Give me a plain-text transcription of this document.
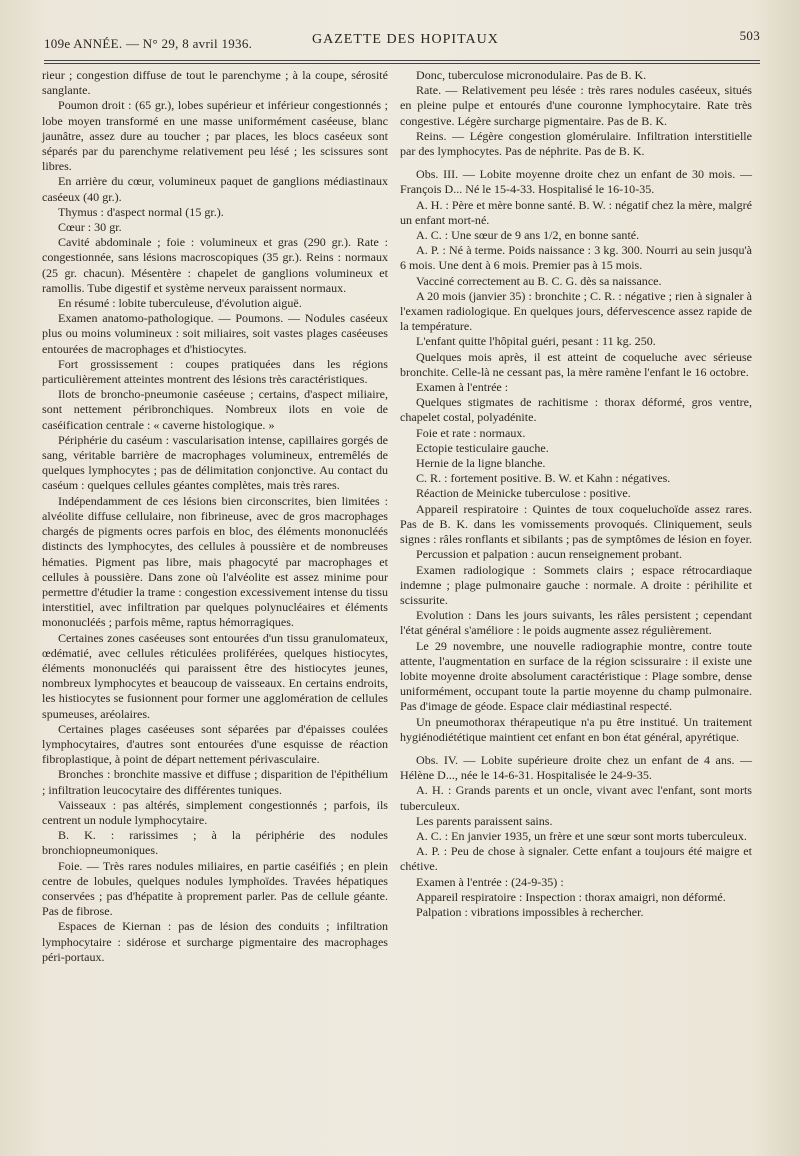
109e ANNÉE. — N° 29, 8 avril 1936.	GAZETTE DES HOPITAUX	503

rieur ; congestion diffuse de tout le parenchyme ; à la coupe, sérosité sanglante.

Poumon droit : (65 gr.), lobes supérieur et inférieur congestionnés ; lobe moyen transformé en une masse uniformément caséeuse, blanc jaunâtre, assez dure au toucher ; par places, les blocs caséeux sont séparés par du parenchyme relativement peu lésé ; les scissures sont libres.

En arrière du cœur, volumineux paquet de ganglions médiastinaux caséeux (40 gr.).

Thymus : d'aspect normal (15 gr.).

Cœur : 30 gr.

Cavité abdominale ; foie : volumineux et gras (290 gr.). Rate : congestionnée, sans lésions macroscopiques (35 gr.). Reins : normaux (25 gr. chacun). Mésentère : chapelet de ganglions volumineux et ramollis. Tube digestif et système nerveux paraissent normaux.

En résumé : lobite tuberculeuse, d'évolution aiguë.

Examen anatomo-pathologique. — Poumons. — Nodules caséeux plus ou moins volumineux : soit miliaires, soit vastes plages caséeuses entourées de macrophages et d'histiocytes.

Fort grossissement : coupes pratiquées dans les régions particulièrement atteintes montrent des lésions très caractéristiques.

Ilots de broncho-pneumonie caséeuse ; certains, d'aspect miliaire, sont nettement péribronchiques. Nombreux ilots en voie de caséification centrale : « caverne histologique. »

Périphérie du caséum : vascularisation intense, capillaires gorgés de sang, véritable barrière de macrophages volumineux, entremêlés de quelques lymphocytes ; pas de délimitation conjonctive. Au contact du caséum : quelques cellules géantes complètes, mais très rares.

Indépendamment de ces lésions bien circonscrites, bien limitées : alvéolite diffuse cellulaire, non fibrineuse, avec de gros macrophages chargés de pigments ocres parfois en bloc, des éléments mononucléés distincts des lymphocytes, des cellules à poussière et de nombreuses hématies. Pigment pas libre, mais phagocyté par macrophages et cellules à poussière. Dans zone où l'alvéolite est assez minime pour permettre d'étudier la trame : congestion excessivement intense du tissu interstitiel, avec infiltration par quelques polynucléaires et éléments mononucléés ; parfois même, raptus hémorragiques.

Certaines zones caséeuses sont entourées d'un tissu granulomateux, œdématié, avec cellules réticulées proliférées, quelques histiocytes, éléments mononucléés qui paraissent être des histiocytes jeunes, nombreux lymphocytes et beaucoup de vaisseaux. En certains endroits, les histiocytes se fusionnent pour former une agglomération de cellules spumeuses, aréolaires.

Certaines plages caséeuses sont séparées par d'épaisses coulées lymphocytaires, d'autres sont entourées d'une esquisse de réaction fibroplastique, à point de départ nettement périvasculaire.

Bronches : bronchite massive et diffuse ; disparition de l'épithélium ; infiltration leucocytaire des différentes tuniques.

Vaisseaux : pas altérés, simplement congestionnés ; parfois, ils centrent un nodule lymphocytaire.

B. K. : rarissimes ; à la périphérie des nodules bronchiopneumoniques.

Foie. — Très rares nodules miliaires, en partie caséifiés ; en plein centre de lobules, quelques nodules lymphoïdes. Travées hépatiques conservées ; pas d'hépatite à proprement parler. Pas de cellule géante. Pas de fibrose.

Espaces de Kiernan : pas de lésion des conduits ; infiltration lymphocytaire : sidérose et surcharge pigmentaire des macrophages péri-portaux.

Donc, tuberculose micronodulaire. Pas de B. K.

Rate. — Relativement peu lésée : très rares nodules caséeux, situés en pleine pulpe et entourés d'une couronne lymphocytaire. Rate très congestive. Légère surcharge pigmentaire. Pas de B. K.

Reins. — Légère congestion glomérulaire. Infiltration interstitielle par des lymphocytes. Pas de néphrite. Pas de B. K.

Obs. III. — Lobite moyenne droite chez un enfant de 30 mois. — François D... Né le 15-4-33. Hospitalisé le 16-10-35.

A. H. : Père et mère bonne santé. B. W. : négatif chez la mère, malgré un enfant mort-né.

A. C. : Une sœur de 9 ans 1/2, en bonne santé.

A. P. : Né à terme. Poids naissance : 3 kg. 300. Nourri au sein jusqu'à 6 mois. Une dent à 6 mois. Premier pas à 15 mois.

Vacciné correctement au B. C. G. dès sa naissance.

A 20 mois (janvier 35) : bronchite ; C. R. : négative ; rien à signaler à l'examen radiologique. En quelques jours, défervescence assez rapide de la température.

L'enfant quitte l'hôpital guéri, pesant : 11 kg. 250.

Quelques mois après, il est atteint de coqueluche avec sérieuse bronchite. Celle-là ne cessant pas, la mère ramène l'enfant le 16 octobre.

Examen à l'entrée :

Quelques stigmates de rachitisme : thorax déformé, gros ventre, chapelet costal, polyadénite.

Foie et rate : normaux.

Ectopie testiculaire gauche.

Hernie de la ligne blanche.

C. R. : fortement positive. B. W. et Kahn : négatives.

Réaction de Meinicke tuberculose : positive.

Appareil respiratoire : Quintes de toux coqueluchoïde assez rares. Pas de B. K. dans les vomissements provoqués. Cliniquement, seuls signes : râles ronflants et sibilants ; pas de symptômes de lésion en foyer.

Percussion et palpation : aucun renseignement probant.

Examen radiologique : Sommets clairs ; espace rétrocardiaque indemne ; plage pulmonaire gauche : normale. A droite : périhilite et scissurite.

Evolution : Dans les jours suivants, les râles persistent ; cependant l'état général s'améliore : le poids augmente assez régulièrement.

Le 29 novembre, une nouvelle radiographie montre, contre toute attente, l'augmentation en surface de la région scissuraire : il existe une lobite moyenne droite absolument caractéristique : Plage sombre, dense uniformément, occupant toute la partie moyenne du champ pulmonaire. Pas d'image de géode. Espace clair médiastinal respecté.

Un pneumothorax thérapeutique n'a pu être institué. Un traitement hygiénodiététique maintient cet enfant en bon état général, apyrétique.

Obs. IV. — Lobite supérieure droite chez un enfant de 4 ans. — Hélène D..., née le 14-6-31. Hospitalisée le 24-9-35.

A. H. : Grands parents et un oncle, vivant avec l'enfant, sont morts tuberculeux.

Les parents paraissent sains.

A. C. : En janvier 1935, un frère et une sœur sont morts tuberculeux.

A. P. : Peu de chose à signaler. Cette enfant a toujours été maigre et chétive.

Examen à l'entrée : (24-9-35) :

Appareil respiratoire : Inspection : thorax amaigri, non déformé.

Palpation : vibrations impossibles à rechercher.
